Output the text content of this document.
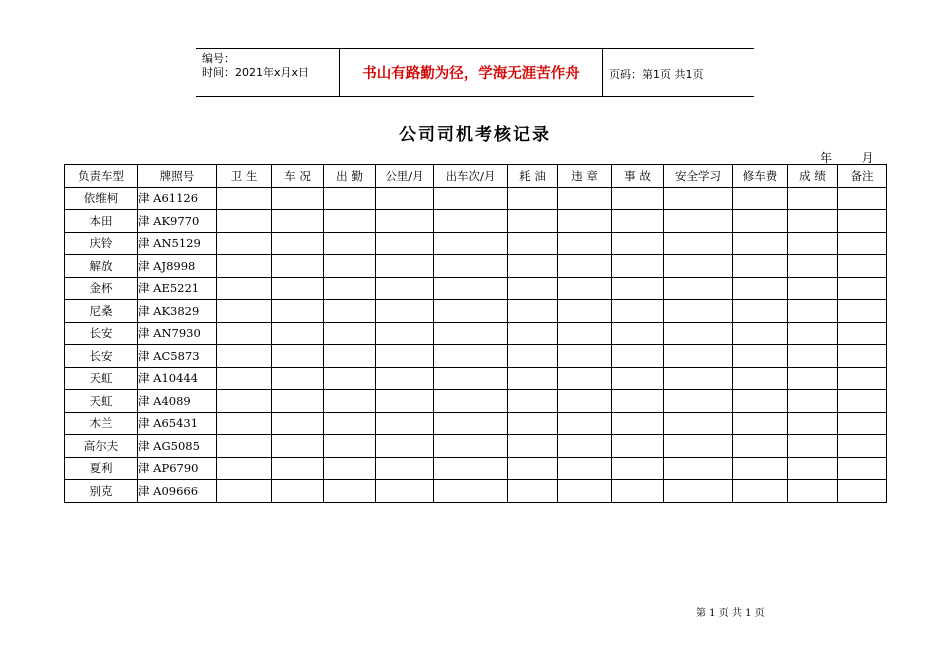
编号：
时间：2021年x月x日	书山有路勤为径，学海无涯苦作舟	页码：第1页 共1页
公司司机考核记录
年 月
负责车型	牌照号	卫 生	车 况	出 勤	公里/月	出车次/月	耗 油	违 章	事 故	安全学习	修车费	成 绩	备注
依维柯	津 A61126												
本田	津 AK9770												
庆铃	津 AN5129												
解放	津 AJ8998												
金杯	津 AE5221												
尼桑	津 AK3829												
长安	津 AN7930												
长安	津 AC5873												
天虹	津 A10444												
天虹	津 A4089												
木兰	津 A65431												
高尔夫	津 AG5085												
夏利	津 AP6790												
别克	津 A09666												
第 1 页 共 1 页
